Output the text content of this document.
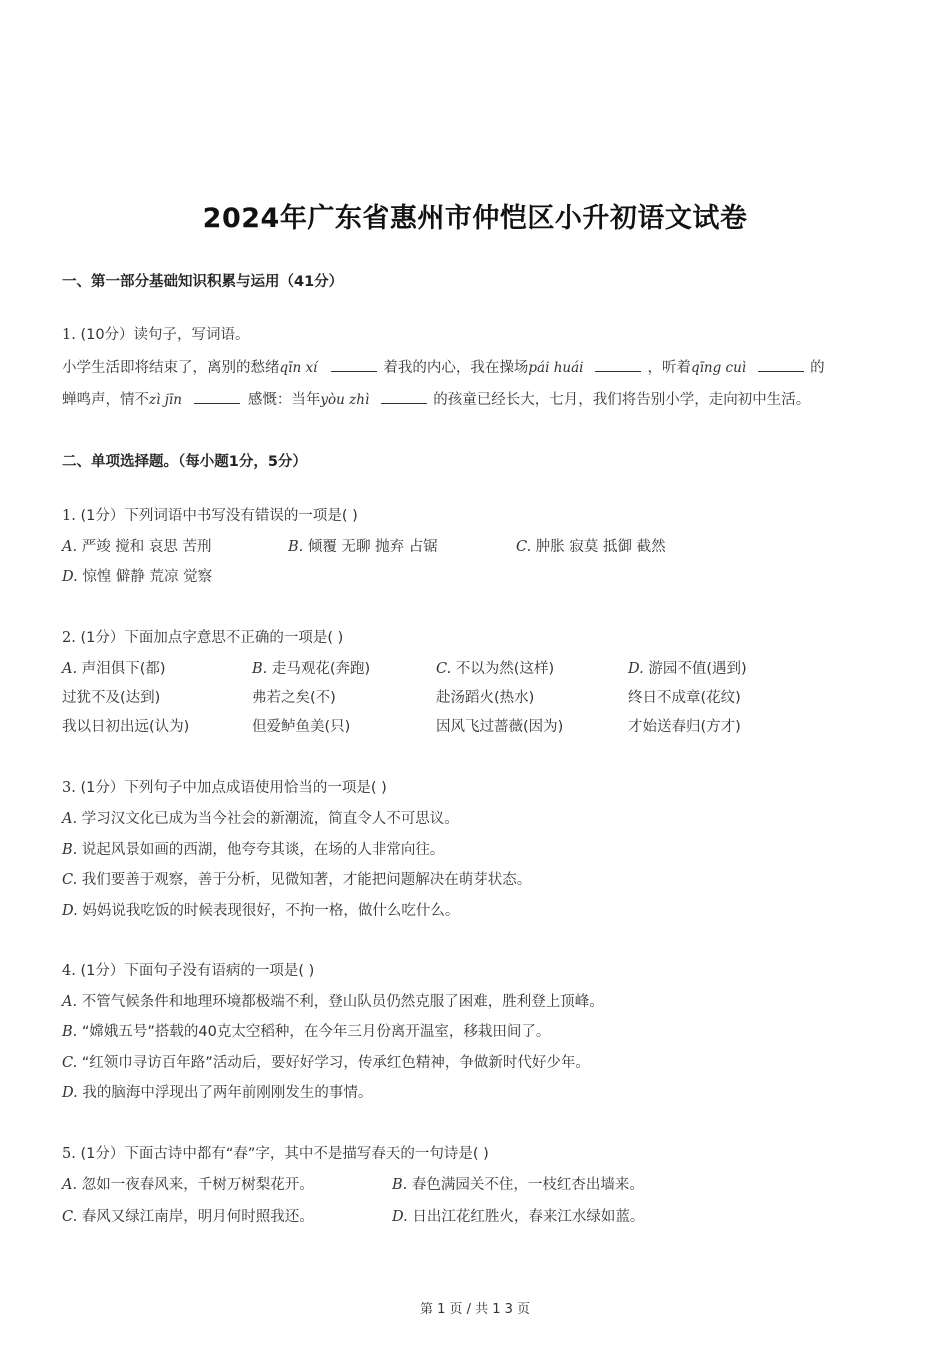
2024年广东省惠州市仲恺区小升初语文试卷
一、第一部分基础知识积累与运用（41分）
1. (10分）读句子，写词语。
小学生活即将结束了，离别的愁绪qīn xí	着我的内心，我在操场pái huái	，听着qīng cuì	的
蝉鸣声，情不zì jīn	感慨：当年yòu zhì	的孩童已经长大，七月，我们将告别小学，走向初中生活。
二、单项选择题。（每小题1分，5分）
1. (1分）下列词语中书写没有错误的一项是( )
A. 严竣 搅和 哀思 苦刑	B. 倾覆 无聊 抛弃 占锯	C. 肿胀 寂莫 抵御 截然
D. 惊惶 僻静 荒凉 觉察
2. (1分）下面加点字意思不正确的一项是( )
A. 声泪俱下(都)	B. 走马观花(奔跑)	C. 不以为然(这样)	D. 游园不值(遇到)
过犹不及(达到)	弗若之矣(不)	赴汤蹈火(热水)	终日不成章(花纹)
我以日初出远(认为)	但爱鲈鱼美(只)	因风飞过蔷薇(因为)	才始送春归(方才)
3. (1分）下列句子中加点成语使用恰当的一项是( )
A. 学习汉文化已成为当今社会的新潮流，简直令人不可思议。
B. 说起风景如画的西湖，他夸夸其谈，在场的人非常向往。
C. 我们要善于观察，善于分析，见微知著，才能把问题解决在萌芽状态。
D. 妈妈说我吃饭的时候表现很好，不拘一格，做什么吃什么。
4. (1分）下面句子没有语病的一项是( )
A. 不管气候条件和地理环境都极端不利，登山队员仍然克服了困难，胜利登上顶峰。
B. “嫦娥五号”搭载的40克太空稻种，在今年三月份离开温室，移栽田间了。
C. “红领巾寻访百年路”活动后，要好好学习，传承红色精神，争做新时代好少年。
D. 我的脑海中浮现出了两年前刚刚发生的事情。
5. (1分）下面古诗中都有“春”字，其中不是描写春天的一句诗是( )
A. 忽如一夜春风来，千树万树梨花开。	B. 春色满园关不住，一枝红杏出墙来。
C. 春风又绿江南岸，明月何时照我还。	D. 日出江花红胜火，春来江水绿如蓝。
第 1 页 / 共 1 3 页
